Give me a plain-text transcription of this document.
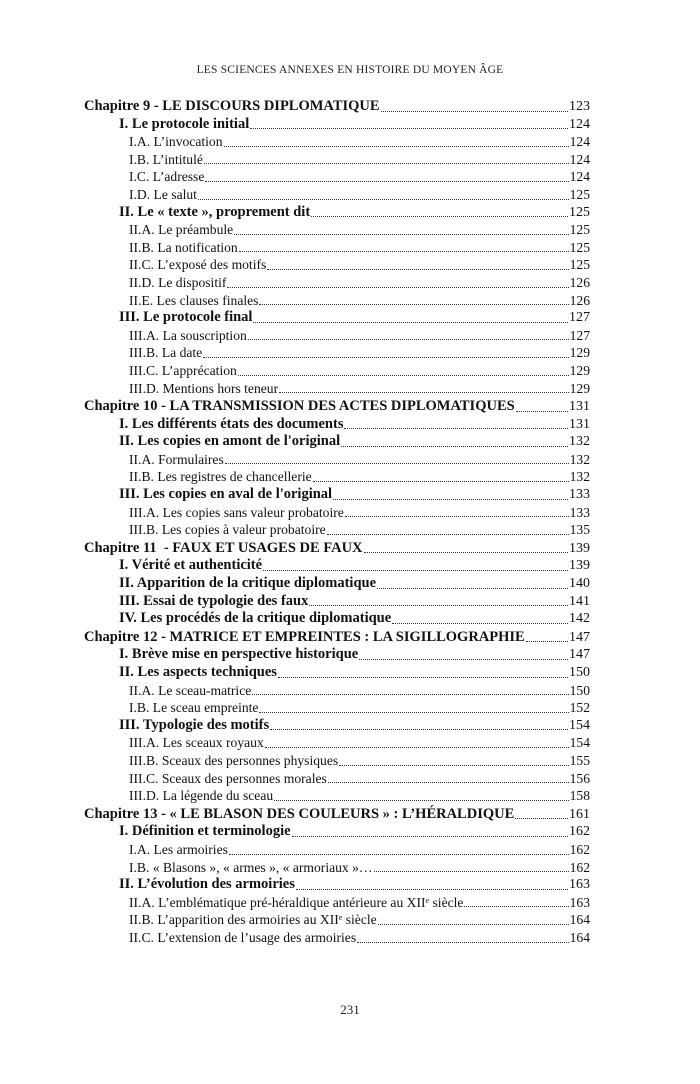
LES SCIENCES ANNEXES EN HISTOIRE DU MOYEN ÂGE
Chapitre 9 - LE DISCOURS DIPLOMATIQUE	123
I. Le protocole initial	124
I.A. L’invocation	124
I.B. L’intitulé	124
I.C. L’adresse	124
I.D. Le salut	125
II. Le « texte », proprement dit	125
II.A. Le préambule	125
II.B. La notification	125
II.C. L’exposé des motifs	125
II.D. Le dispositif	126
II.E. Les clauses finales	126
III. Le protocole final	127
III.A. La souscription	127
III.B. La date	129
III.C. L’apprécation	129
III.D. Mentions hors teneur	129
Chapitre 10 - LA TRANSMISSION DES ACTES DIPLOMATIQUES	131
I. Les différents états des documents	131
II. Les copies en amont de l'original	132
II.A. Formulaires	132
II.B. Les registres de chancellerie	132
III. Les copies en aval de l'original	133
III.A. Les copies sans valeur probatoire	133
III.B. Les copies à valeur probatoire	135
Chapitre 11  - FAUX ET USAGES DE FAUX	139
I. Vérité et authenticité	139
II. Apparition de la critique diplomatique	140
III. Essai de typologie des faux	141
IV. Les procédés de la critique diplomatique	142
Chapitre 12 - MATRICE ET EMPREINTES : LA SIGILLOGRAPHIE	147
I. Brève mise en perspective historique	147
II. Les aspects techniques	150
II.A. Le sceau-matrice	150
I.B. Le sceau empreinte	152
III. Typologie des motifs	154
III.A. Les sceaux royaux	154
III.B. Sceaux des personnes physiques	155
III.C. Sceaux des personnes morales	156
III.D. La légende du sceau	158
Chapitre 13 - « LE BLASON DES COULEURS » : L’HÉRALDIQUE	161
I. Définition et terminologie	162
I.A. Les armoiries	162
I.B. « Blasons », « armes », « armoriaux »…	162
II. L’évolution des armoiries	163
II.A. L’emblématique pré-héraldique antérieure au XIIe siècle	163
II.B. L’apparition des armoiries au XIIe siècle	164
II.C. L’extension de l’usage des armoiries	164
231
